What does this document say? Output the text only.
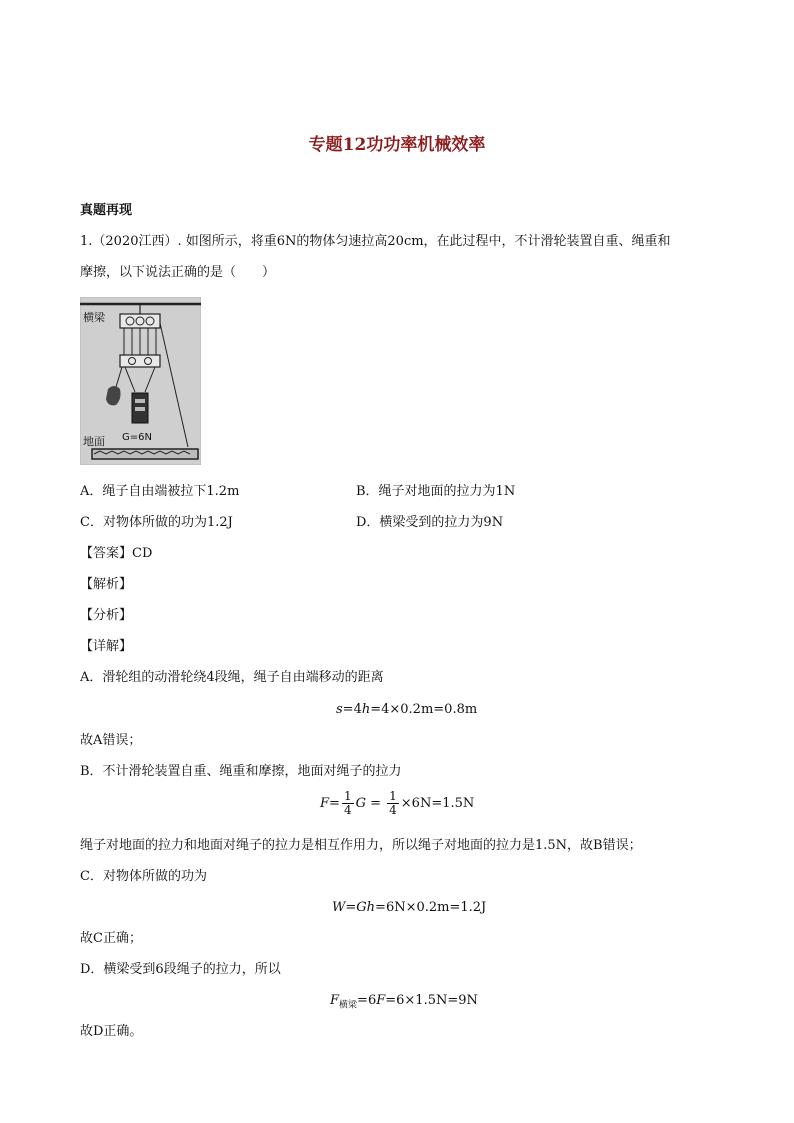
专题12功功率机械效率
真题再现
1.（2020江西）. 如图所示，将重6N的物体匀速拉高20cm，在此过程中，不计滑轮装置自重、绳重和
摩擦，以下说法正确的是（　　）
横梁
G=6N
地面
A．绳子自由端被拉下1.2m	B．绳子对地面的拉力为1N
C．对物体所做的功为1.2J	D．横梁受到的拉力为9N
【答案】CD
【解析】
【分析】
【详解】
A．滑轮组的动滑轮绕4段绳，绳子自由端移动的距离
s=4h=4×0.2m=0.8m
故A错误；
B．不计滑轮装置自重、绳重和摩擦，地面对绳子的拉力
$F= \frac{1}{4}$ $G = \frac{1}{4} \times 6N=1.5N$
绳子对地面的拉力和地面对绳子的拉力是相互作用力，所以绳子对地面的拉力是1.5N，故B错误；
C．对物体所做的功为
W=Gh=6N×0.2m=1.2J
故C正确；
D．横梁受到6段绳子的拉力，所以
$F_{横梁}=6F=6\times 1.5N=9N$
故D正确。
